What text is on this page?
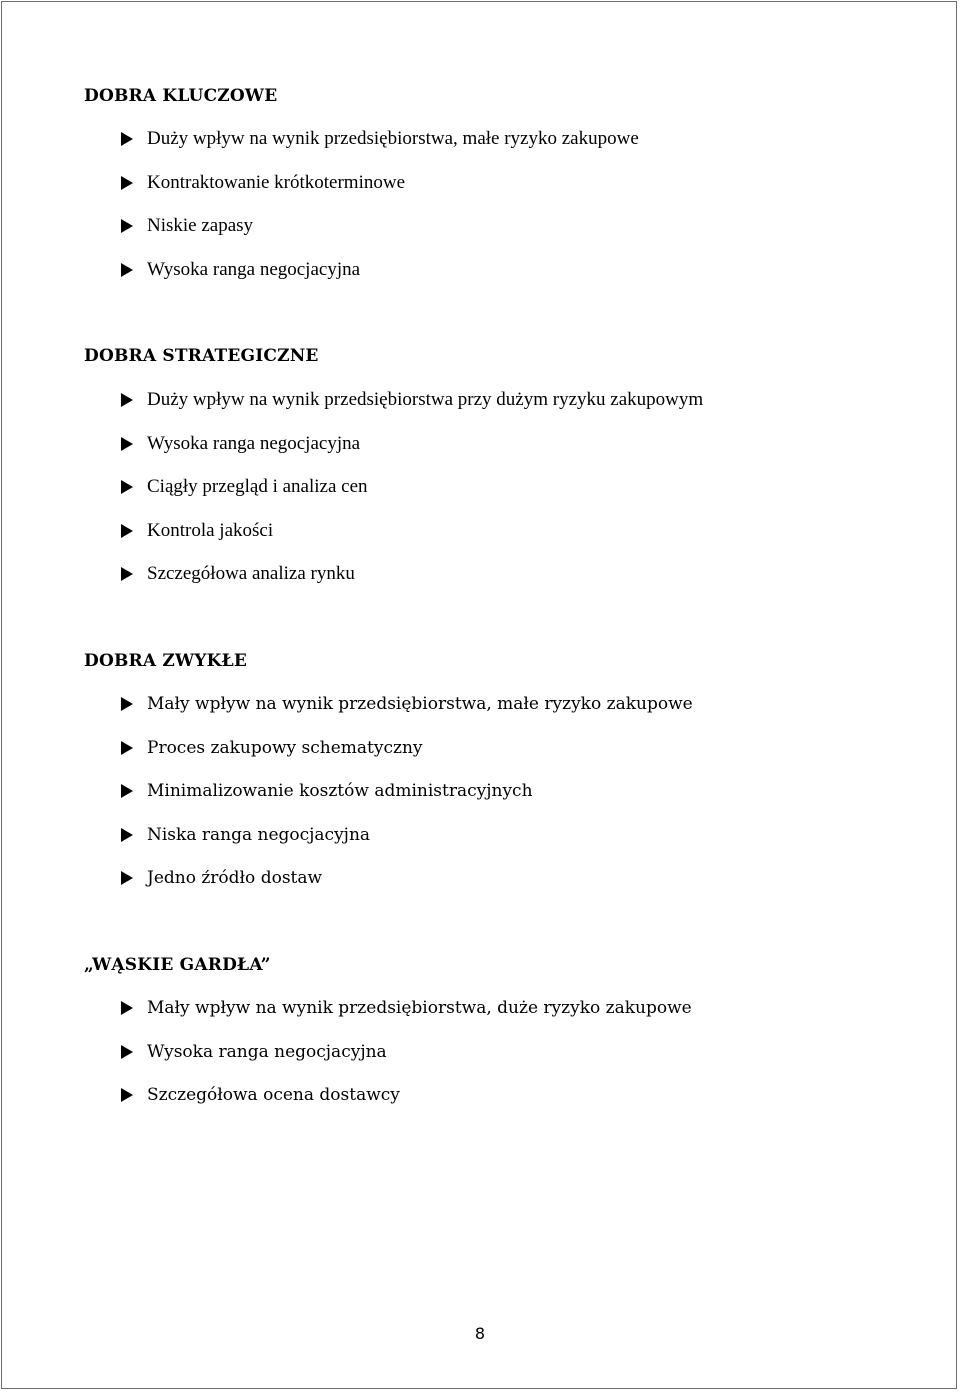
DOBRA KLUCZOWE
Duży wpływ na wynik przedsiębiorstwa, małe ryzyko zakupowe
Kontraktowanie krótkoterminowe
Niskie zapasy
Wysoka ranga negocjacyjna
DOBRA STRATEGICZNE
Duży wpływ na wynik przedsiębiorstwa przy dużym ryzyku zakupowym
Wysoka ranga negocjacyjna
Ciągły przegląd i analiza cen
Kontrola jakości
Szczegółowa analiza rynku
DOBRA ZWYKŁE
Mały wpływ na wynik przedsiębiorstwa, małe ryzyko zakupowe
Proces zakupowy schematyczny
Minimalizowanie kosztów administracyjnych
Niska ranga negocjacyjna
Jedno źródło dostaw
„WĄSKIE GARDŁA”
Mały wpływ na wynik przedsiębiorstwa, duże ryzyko zakupowe
Wysoka ranga negocjacyjna
Szczegółowa ocena dostawcy
8
